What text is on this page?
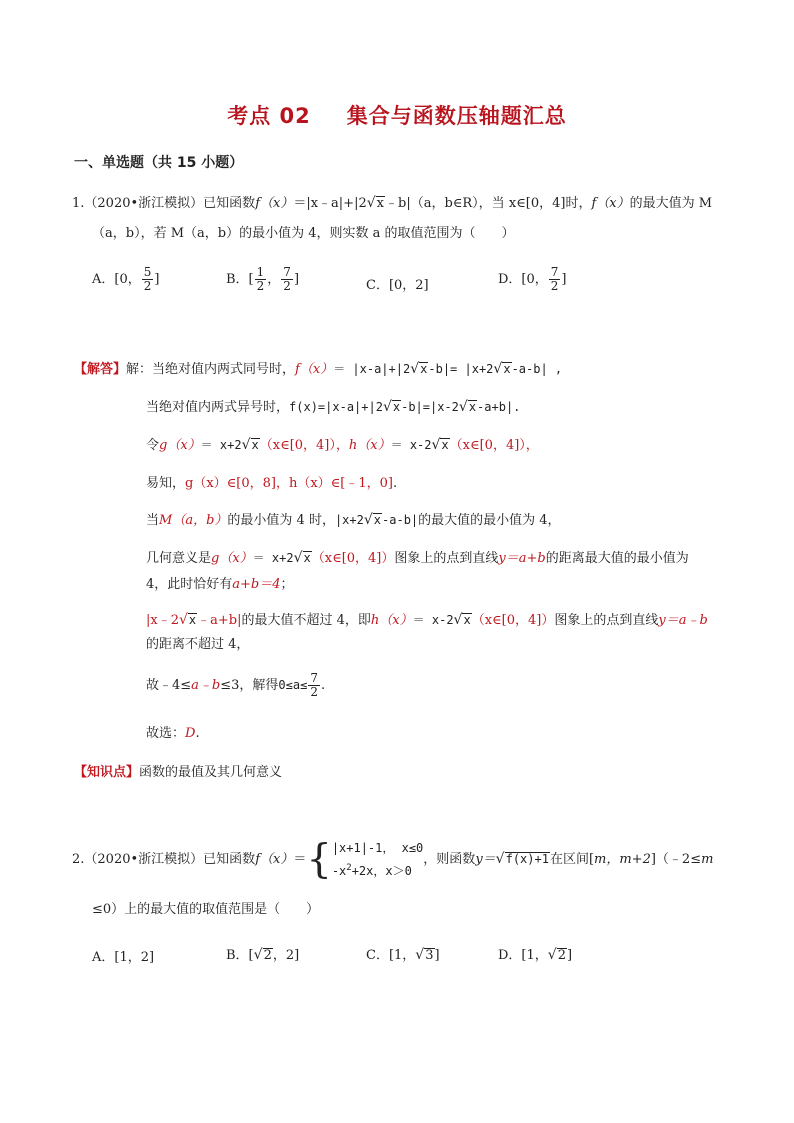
考点 02 集合与函数压轴题汇总
一、单选题（共 15 小题）
1.（2020•浙江模拟）已知函数f（x）＝|x﹣a|+|2√x﹣b|（a，b∈R），当 x∈[0，4]时，f（x）的最大值为 M
（a，b），若 M（a，b）的最小值为 4，则实数 a 的取值范围为（　　）
A．[0， $\frac{5}{2}$ ]	B．[ $\frac{1}{2}$ ， $\frac{7}{2}$ ]	C．[0，2]	D．[0， $\frac{7}{2}$ ]
【解答】解：当绝对值内两式同号时，f（x）＝ |x-a|+|2√x-b|= |x+2√x-a-b| ,
当绝对值内两式异号时，f(x)=|x-a|+|2√x-b|=|x-2√x-a+b|.
令g（x）＝ x+2√x（x∈[0，4]），h（x）＝ x-2√x（x∈[0，4]），
易知，g（x）∈[0，8]，h（x）∈[﹣1，0].
当M（a，b）的最小值为 4 时，|x+2√x-a-b|的最大值的最小值为 4，
几何意义是g（x）＝ x+2√x（x∈[0，4]）图象上的点到直线y＝a+b的距离最大值的最小值为
4，此时恰好有a+b＝4；
|x﹣2√x﹣a+b|的最大值不超过 4，即h（x）＝ x-2√x（x∈[0，4]）图象上的点到直线y＝a﹣b
的距离不超过 4，
故﹣4≤a﹣b≤3，解得$0\le a\le \frac{7}{2}$ .
故选：D.
【知识点】函数的最值及其几何意义
2.（2020•浙江模拟）已知函数f（x）＝{ |x+1|-1， x≤0
$-x^2+2x$，x＞0
，则函数y＝√f(x)+1在区间[m，m+2]（﹣2≤m
≤0）上的最大值的取值范围是（　　）
A．[1，2]	B．[√2，2]	C．[1，√3]	D．[1，√2]
